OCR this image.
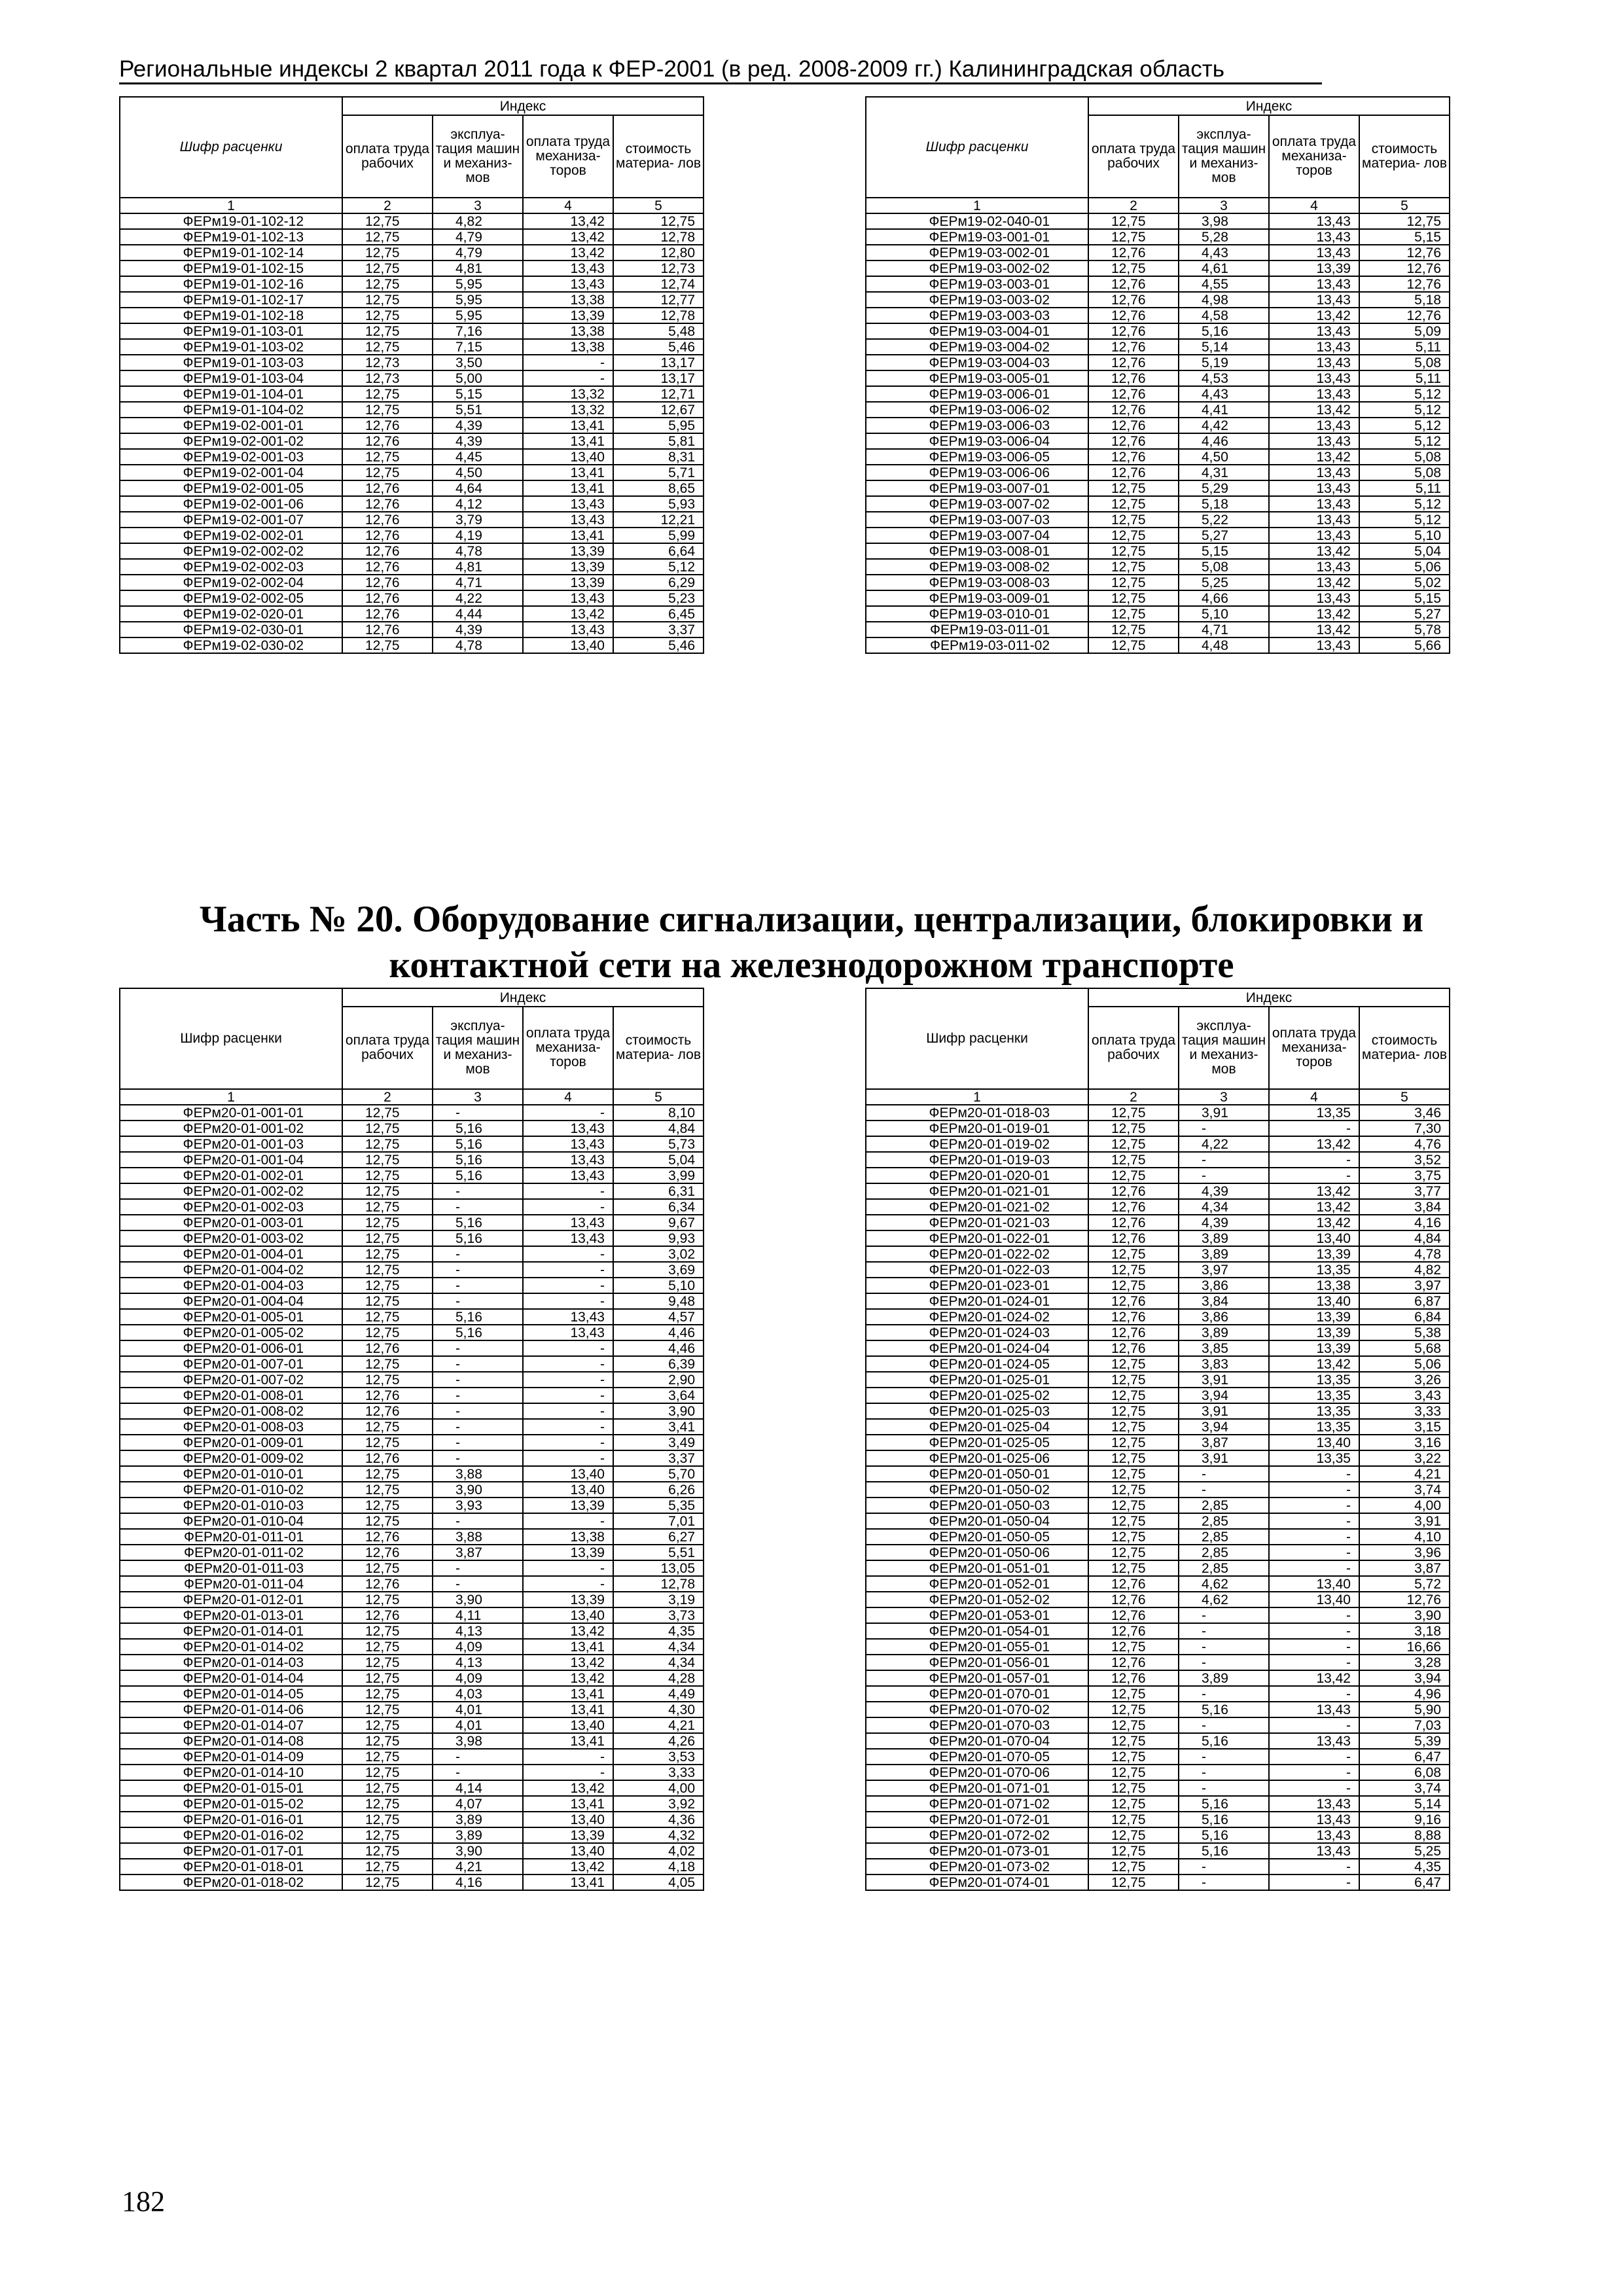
Региональные индексы 2 квартал 2011 года к ФЕР-2001 (в ред. 2008-2009 гг.) Калининградская область
Шифр расценки	Индекс			
	оплата труда рабочих	эксплуа- тация машин и механиз- мов	оплата труда механиза- торов	стоимость материа- лов
1	2	3	4	5
ФЕРм19-01-102-12	12,75	4,82	13,42	12,75
ФЕРм19-01-102-13	12,75	4,79	13,42	12,78
ФЕРм19-01-102-14	12,75	4,79	13,42	12,80
ФЕРм19-01-102-15	12,75	4,81	13,43	12,73
ФЕРм19-01-102-16	12,75	5,95	13,43	12,74
ФЕРм19-01-102-17	12,75	5,95	13,38	12,77
ФЕРм19-01-102-18	12,75	5,95	13,39	12,78
ФЕРм19-01-103-01	12,75	7,16	13,38	5,48
ФЕРм19-01-103-02	12,75	7,15	13,38	5,46
ФЕРм19-01-103-03	12,73	3,50	-	13,17
ФЕРм19-01-103-04	12,73	5,00	-	13,17
ФЕРм19-01-104-01	12,75	5,15	13,32	12,71
ФЕРм19-01-104-02	12,75	5,51	13,32	12,67
ФЕРм19-02-001-01	12,76	4,39	13,41	5,95
ФЕРм19-02-001-02	12,76	4,39	13,41	5,81
ФЕРм19-02-001-03	12,75	4,45	13,40	8,31
ФЕРм19-02-001-04	12,75	4,50	13,41	5,71
ФЕРм19-02-001-05	12,76	4,64	13,41	8,65
ФЕРм19-02-001-06	12,76	4,12	13,43	5,93
ФЕРм19-02-001-07	12,76	3,79	13,43	12,21
ФЕРм19-02-002-01	12,76	4,19	13,41	5,99
ФЕРм19-02-002-02	12,76	4,78	13,39	6,64
ФЕРм19-02-002-03	12,76	4,81	13,39	5,12
ФЕРм19-02-002-04	12,76	4,71	13,39	6,29
ФЕРм19-02-002-05	12,76	4,22	13,43	5,23
ФЕРм19-02-020-01	12,76	4,44	13,42	6,45
ФЕРм19-02-030-01	12,76	4,39	13,43	3,37
ФЕРм19-02-030-02	12,75	4,78	13,40	5,46
Шифр расценки	Индекс			
	оплата труда рабочих	эксплуа- тация машин и механиз- мов	оплата труда механиза- торов	стоимость материа- лов
1	2	3	4	5
ФЕРм19-02-040-01	12,75	3,98	13,43	12,75
ФЕРм19-03-001-01	12,75	5,28	13,43	5,15
ФЕРм19-03-002-01	12,76	4,43	13,43	12,76
ФЕРм19-03-002-02	12,75	4,61	13,39	12,76
ФЕРм19-03-003-01	12,76	4,55	13,43	12,76
ФЕРм19-03-003-02	12,76	4,98	13,43	5,18
ФЕРм19-03-003-03	12,76	4,58	13,42	12,76
ФЕРм19-03-004-01	12,76	5,16	13,43	5,09
ФЕРм19-03-004-02	12,76	5,14	13,43	5,11
ФЕРм19-03-004-03	12,76	5,19	13,43	5,08
ФЕРм19-03-005-01	12,76	4,53	13,43	5,11
ФЕРм19-03-006-01	12,76	4,43	13,43	5,12
ФЕРм19-03-006-02	12,76	4,41	13,42	5,12
ФЕРм19-03-006-03	12,76	4,42	13,43	5,12
ФЕРм19-03-006-04	12,76	4,46	13,43	5,12
ФЕРм19-03-006-05	12,76	4,50	13,42	5,08
ФЕРм19-03-006-06	12,76	4,31	13,43	5,08
ФЕРм19-03-007-01	12,75	5,29	13,43	5,11
ФЕРм19-03-007-02	12,75	5,18	13,43	5,12
ФЕРм19-03-007-03	12,75	5,22	13,43	5,12
ФЕРм19-03-007-04	12,75	5,27	13,43	5,10
ФЕРм19-03-008-01	12,75	5,15	13,42	5,04
ФЕРм19-03-008-02	12,75	5,08	13,43	5,06
ФЕРм19-03-008-03	12,75	5,25	13,42	5,02
ФЕРм19-03-009-01	12,75	4,66	13,43	5,15
ФЕРм19-03-010-01	12,75	5,10	13,42	5,27
ФЕРм19-03-011-01	12,75	4,71	13,42	5,78
ФЕРм19-03-011-02	12,75	4,48	13,43	5,66
Часть № 20. Оборудование сигнализации, централизации, блокировки и
контактной сети на железнодорожном транспорте
Шифр расценки	Индекс			
	оплата труда рабочих	эксплуа- тация машин и механиз- мов	оплата труда механиза- торов	стоимость материа- лов
1	2	3	4	5
ФЕРм20-01-001-01	12,75	-	-	8,10
ФЕРм20-01-001-02	12,75	5,16	13,43	4,84
ФЕРм20-01-001-03	12,75	5,16	13,43	5,73
ФЕРм20-01-001-04	12,75	5,16	13,43	5,04
ФЕРм20-01-002-01	12,75	5,16	13,43	3,99
ФЕРм20-01-002-02	12,75	-	-	6,31
ФЕРм20-01-002-03	12,75	-	-	6,34
ФЕРм20-01-003-01	12,75	5,16	13,43	9,67
ФЕРм20-01-003-02	12,75	5,16	13,43	9,93
ФЕРм20-01-004-01	12,75	-	-	3,02
ФЕРм20-01-004-02	12,75	-	-	3,69
ФЕРм20-01-004-03	12,75	-	-	5,10
ФЕРм20-01-004-04	12,75	-	-	9,48
ФЕРм20-01-005-01	12,75	5,16	13,43	4,57
ФЕРм20-01-005-02	12,75	5,16	13,43	4,46
ФЕРм20-01-006-01	12,76	-	-	4,46
ФЕРм20-01-007-01	12,75	-	-	6,39
ФЕРм20-01-007-02	12,75	-	-	2,90
ФЕРм20-01-008-01	12,76	-	-	3,64
ФЕРм20-01-008-02	12,76	-	-	3,90
ФЕРм20-01-008-03	12,75	-	-	3,41
ФЕРм20-01-009-01	12,75	-	-	3,49
ФЕРм20-01-009-02	12,76	-	-	3,37
ФЕРм20-01-010-01	12,75	3,88	13,40	5,70
ФЕРм20-01-010-02	12,75	3,90	13,40	6,26
ФЕРм20-01-010-03	12,75	3,93	13,39	5,35
ФЕРм20-01-010-04	12,75	-	-	7,01
ФЕРм20-01-011-01	12,76	3,88	13,38	6,27
ФЕРм20-01-011-02	12,76	3,87	13,39	5,51
ФЕРм20-01-011-03	12,75	-	-	13,05
ФЕРм20-01-011-04	12,76	-	-	12,78
ФЕРм20-01-012-01	12,75	3,90	13,39	3,19
ФЕРм20-01-013-01	12,76	4,11	13,40	3,73
ФЕРм20-01-014-01	12,75	4,13	13,42	4,35
ФЕРм20-01-014-02	12,75	4,09	13,41	4,34
ФЕРм20-01-014-03	12,75	4,13	13,42	4,34
ФЕРм20-01-014-04	12,75	4,09	13,42	4,28
ФЕРм20-01-014-05	12,75	4,03	13,41	4,49
ФЕРм20-01-014-06	12,75	4,01	13,41	4,30
ФЕРм20-01-014-07	12,75	4,01	13,40	4,21
ФЕРм20-01-014-08	12,75	3,98	13,41	4,26
ФЕРм20-01-014-09	12,75	-	-	3,53
ФЕРм20-01-014-10	12,75	-	-	3,33
ФЕРм20-01-015-01	12,75	4,14	13,42	4,00
ФЕРм20-01-015-02	12,75	4,07	13,41	3,92
ФЕРм20-01-016-01	12,75	3,89	13,40	4,36
ФЕРм20-01-016-02	12,75	3,89	13,39	4,32
ФЕРм20-01-017-01	12,75	3,90	13,40	4,02
ФЕРм20-01-018-01	12,75	4,21	13,42	4,18
ФЕРм20-01-018-02	12,75	4,16	13,41	4,05
Шифр расценки	Индекс			
	оплата труда рабочих	эксплуа- тация машин и механиз- мов	оплата труда механиза- торов	стоимость материа- лов
1	2	3	4	5
ФЕРм20-01-018-03	12,75	3,91	13,35	3,46
ФЕРм20-01-019-01	12,75	-	-	7,30
ФЕРм20-01-019-02	12,75	4,22	13,42	4,76
ФЕРм20-01-019-03	12,75	-	-	3,52
ФЕРм20-01-020-01	12,75	-	-	3,75
ФЕРм20-01-021-01	12,76	4,39	13,42	3,77
ФЕРм20-01-021-02	12,76	4,34	13,42	3,84
ФЕРм20-01-021-03	12,76	4,39	13,42	4,16
ФЕРм20-01-022-01	12,76	3,89	13,40	4,84
ФЕРм20-01-022-02	12,75	3,89	13,39	4,78
ФЕРм20-01-022-03	12,75	3,97	13,35	4,82
ФЕРм20-01-023-01	12,75	3,86	13,38	3,97
ФЕРм20-01-024-01	12,76	3,84	13,40	6,87
ФЕРм20-01-024-02	12,76	3,86	13,39	6,84
ФЕРм20-01-024-03	12,76	3,89	13,39	5,38
ФЕРм20-01-024-04	12,76	3,85	13,39	5,68
ФЕРм20-01-024-05	12,75	3,83	13,42	5,06
ФЕРм20-01-025-01	12,75	3,91	13,35	3,26
ФЕРм20-01-025-02	12,75	3,94	13,35	3,43
ФЕРм20-01-025-03	12,75	3,91	13,35	3,33
ФЕРм20-01-025-04	12,75	3,94	13,35	3,15
ФЕРм20-01-025-05	12,75	3,87	13,40	3,16
ФЕРм20-01-025-06	12,75	3,91	13,35	3,22
ФЕРм20-01-050-01	12,75	-	-	4,21
ФЕРм20-01-050-02	12,75	-	-	3,74
ФЕРм20-01-050-03	12,75	2,85	-	4,00
ФЕРм20-01-050-04	12,75	2,85	-	3,91
ФЕРм20-01-050-05	12,75	2,85	-	4,10
ФЕРм20-01-050-06	12,75	2,85	-	3,96
ФЕРм20-01-051-01	12,75	2,85	-	3,87
ФЕРм20-01-052-01	12,76	4,62	13,40	5,72
ФЕРм20-01-052-02	12,76	4,62	13,40	12,76
ФЕРм20-01-053-01	12,76	-	-	3,90
ФЕРм20-01-054-01	12,76	-	-	3,18
ФЕРм20-01-055-01	12,75	-	-	16,66
ФЕРм20-01-056-01	12,76	-	-	3,28
ФЕРм20-01-057-01	12,76	3,89	13,42	3,94
ФЕРм20-01-070-01	12,75	-	-	4,96
ФЕРм20-01-070-02	12,75	5,16	13,43	5,90
ФЕРм20-01-070-03	12,75	-	-	7,03
ФЕРм20-01-070-04	12,75	5,16	13,43	5,39
ФЕРм20-01-070-05	12,75	-	-	6,47
ФЕРм20-01-070-06	12,75	-	-	6,08
ФЕРм20-01-071-01	12,75	-	-	3,74
ФЕРм20-01-071-02	12,75	5,16	13,43	5,14
ФЕРм20-01-072-01	12,75	5,16	13,43	9,16
ФЕРм20-01-072-02	12,75	5,16	13,43	8,88
ФЕРм20-01-073-01	12,75	5,16	13,43	5,25
ФЕРм20-01-073-02	12,75	-	-	4,35
ФЕРм20-01-074-01	12,75	-	-	6,47
182
